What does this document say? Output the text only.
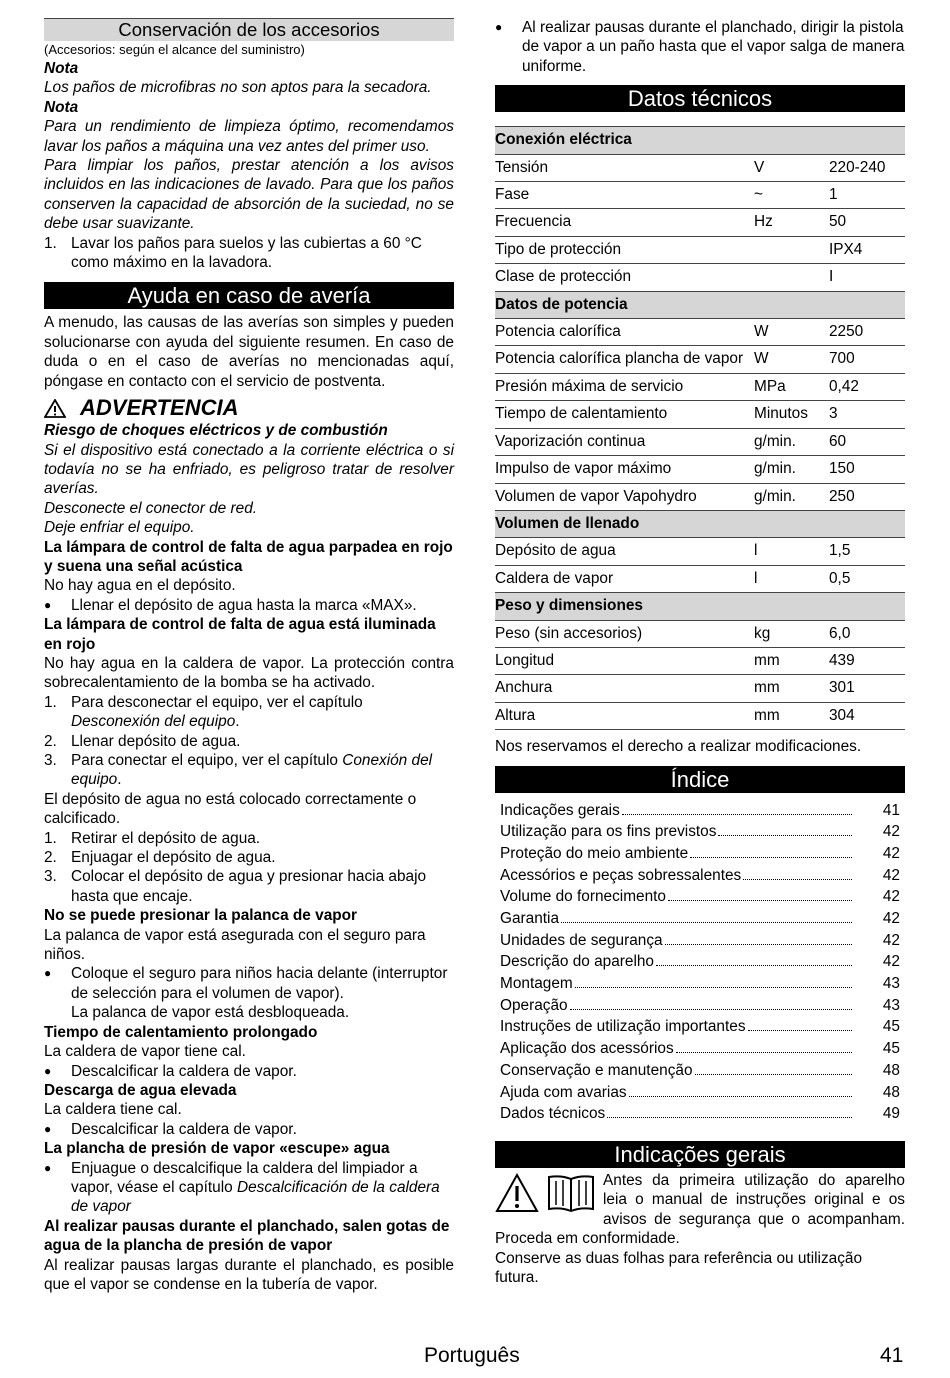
Conservación de los accesorios

(Accesorios: según el alcance del suministro)

Nota

Los paños de microfibras no son aptos para la secadora.

Nota

Para un rendimiento de limpieza óptimo, recomendamos lavar los paños a máquina una vez antes del primer uso.

Para limpiar los paños, prestar atención a los avisos incluidos en las indicaciones de lavado. Para que los paños conserven la capacidad de absorción de la suciedad, no se debe usar suavizante.

1. Lavar los paños para suelos y las cubiertas a 60 °C como máximo en la lavadora.
Ayuda en caso de avería

A menudo, las causas de las averías son simples y pueden solucionarse con ayuda del siguiente resumen. En caso de duda o en el caso de averías no mencionadas aquí, póngase en contacto con el servicio de postventa.

ADVERTENCIA

Riesgo de choques eléctricos y de combustión

Si el dispositivo está conectado a la corriente eléctrica o si todavía no se ha enfriado, es peligroso tratar de resolver averías.

Desconecte el conector de red.

Deje enfriar el equipo.

La lámpara de control de falta de agua parpadea en rojo y suena una señal acústica

No hay agua en el depósito.

●	Llenar el depósito de agua hasta la marca «MAX».

La lámpara de control de falta de agua está iluminada en rojo

No hay agua en la caldera de vapor. La protección contra sobrecalentamiento de la bomba se ha activado.

1. Para desconectar el equipo, ver el capítulo Desconexión del equipo.
2. Llenar depósito de agua.
3. Para conectar el equipo, ver el capítulo Conexión del equipo.

El depósito de agua no está colocado correctamente o calcificado.

1. Retirar el depósito de agua.
2. Enjuagar el depósito de agua.
3. Colocar el depósito de agua y presionar hacia abajo hasta que encaje.

No se puede presionar la palanca de vapor

La palanca de vapor está asegurada con el seguro para niños.

●	Coloque el seguro para niños hacia delante (interruptor de selección para el volumen de vapor).
La palanca de vapor está desbloqueada.

Tiempo de calentamiento prolongado

La caldera de vapor tiene cal.

●	Descalcificar la caldera de vapor.

Descarga de agua elevada

La caldera tiene cal.

●	Descalcificar la caldera de vapor.

La plancha de presión de vapor «escupe» agua

●	Enjuague o descalcifique la caldera del limpiador a vapor, véase el capítulo Descalcificación de la caldera de vapor

Al realizar pausas durante el planchado, salen gotas de agua de la plancha de presión de vapor

Al realizar pausas largas durante el planchado, es posible que el vapor se condense en la tubería de vapor.

●	Al realizar pausas durante el planchado, dirigir la pistola de vapor a un paño hasta que el vapor salga de manera uniforme.
Datos técnicos
Conexión eléctrica		
Tensión	V	220-240
Fase	~	1
Frecuencia	Hz	50
Tipo de protección		IPX4
Clase de protección		I
Datos de potencia		
Potencia calorífica	W	2250
Potencia calorífica plancha de vapor	W	700
Presión máxima de servicio	MPa	0,42
Tiempo de calentamiento	Minutos	3
Vaporización continua	g/min.	60
Impulso de vapor máximo	g/min.	150
Volumen de vapor Vapohydro	g/min.	250
Volumen de llenado		
Depósito de agua	l	1,5
Caldera de vapor	l	0,5
Peso y dimensiones		
Peso (sin accesorios)	kg	6,0
Longitud	mm	439
Anchura	mm	301
Altura	mm	304

Nos reservamos el derecho a realizar modificaciones.

Índice
Indicações gerais	41
Utilização para os fins previstos	42
Proteção do meio ambiente	42
Acessórios e peças sobressalentes	42
Volume do fornecimento	42
Garantia	42
Unidades de segurança	42
Descrição do aparelho	42
Montagem	43
Operação	43
Instruções de utilização importantes	45
Aplicação dos acessórios	45
Conservação e manutenção	48
Ajuda com avarias	48
Dados técnicos	49
Indicações gerais

Antes da primeira utilização do aparelho leia o manual de instruções original e os avisos de segurança que o acompanham. Proceda em conformidade.

Conserve as duas folhas para referência ou utilização futura.

Português	41
